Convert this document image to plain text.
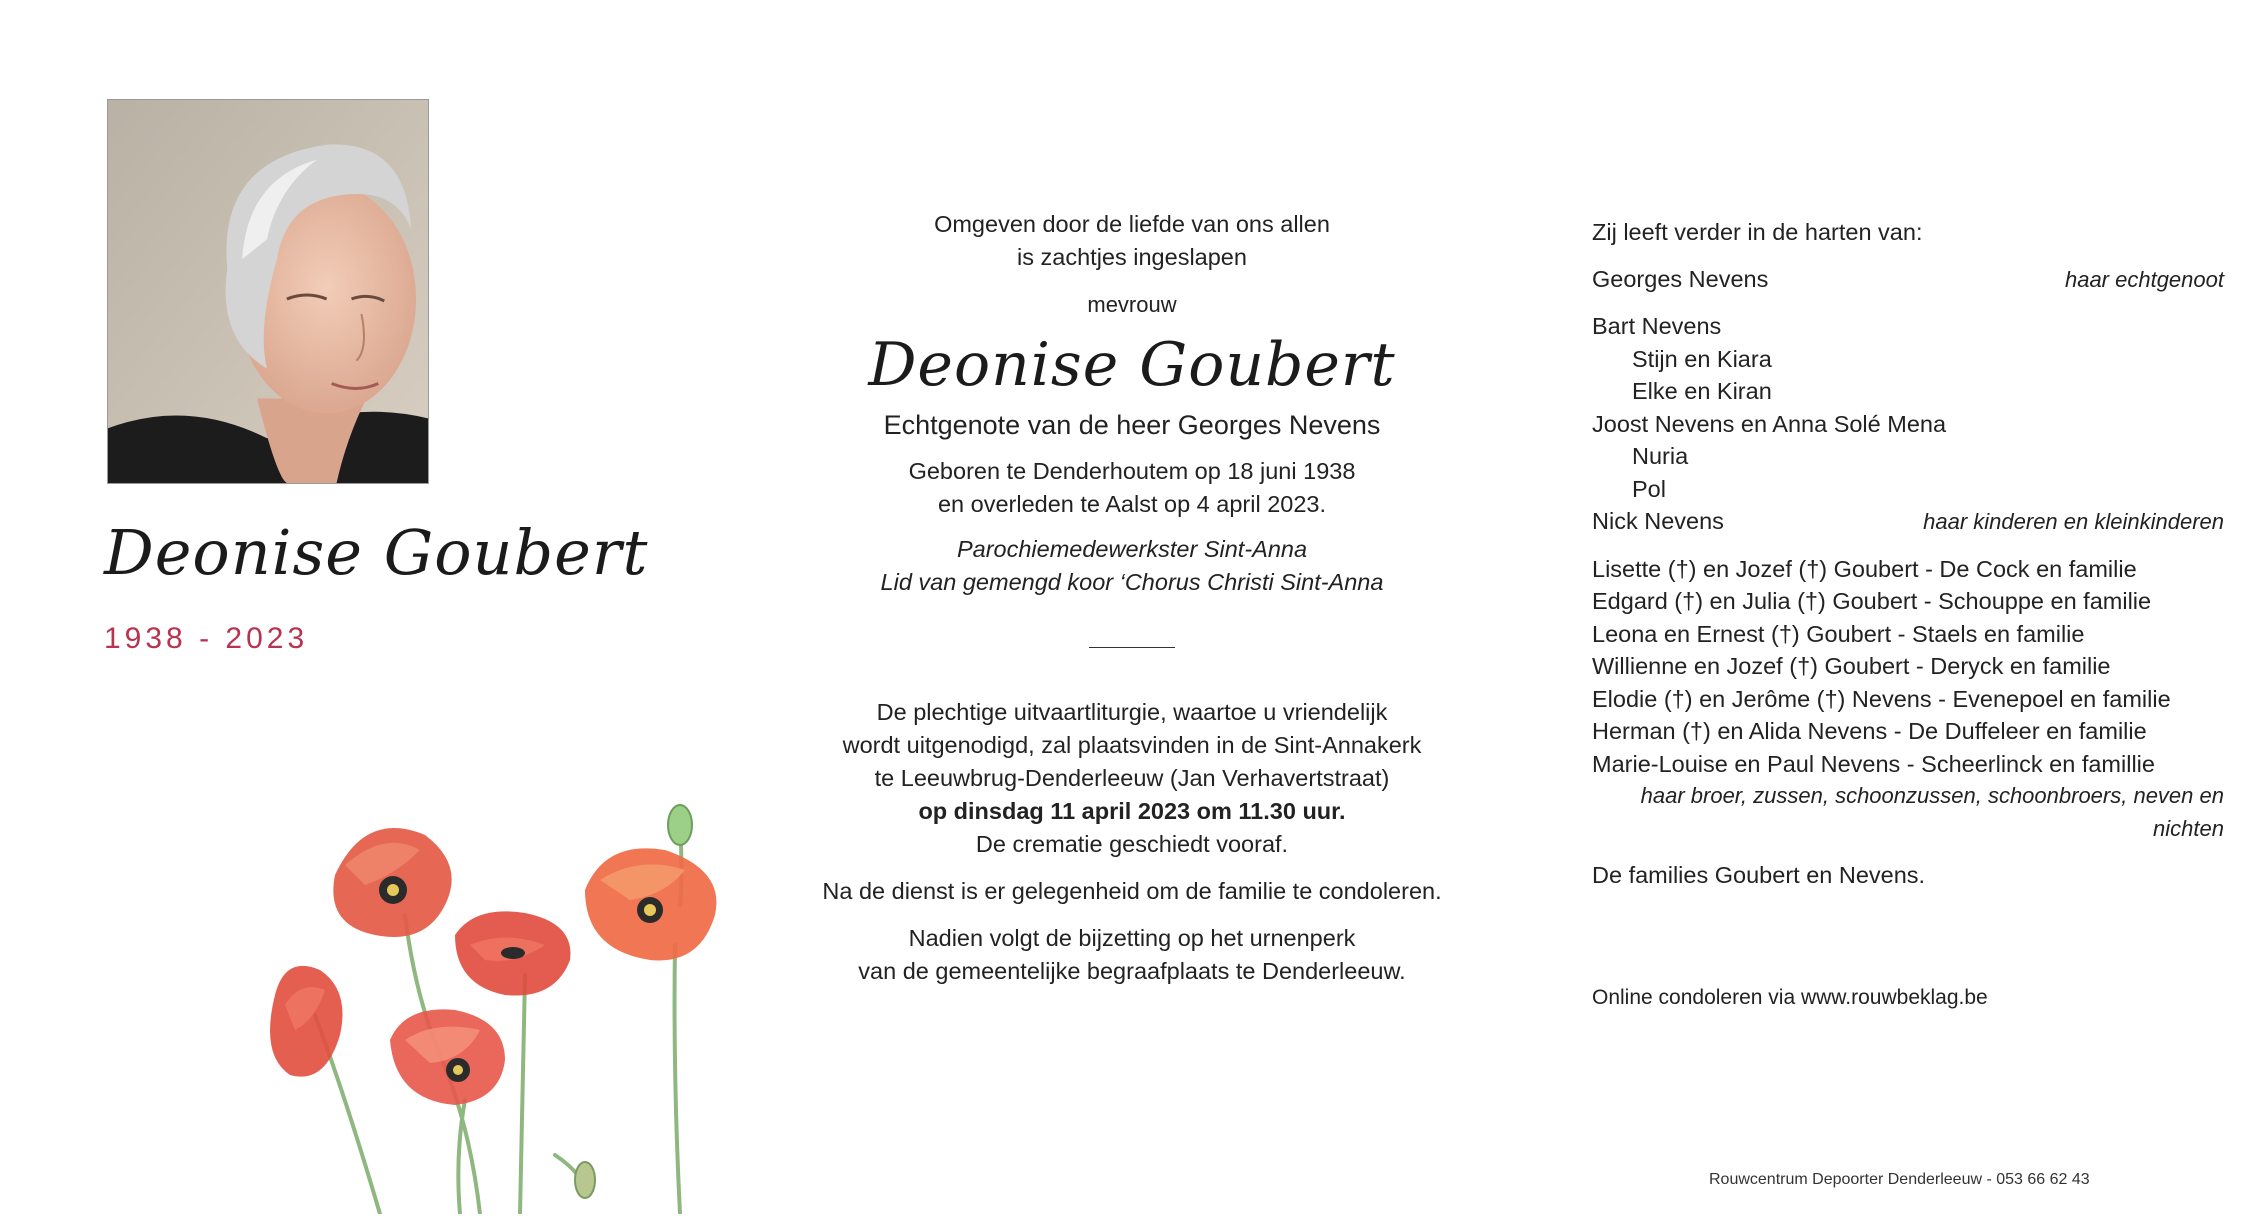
Deonise Goubert
1938 - 2023

Omgeven door de liefde van ons allen

is zachtjes ingeslapen

mevrouw

Deonise Goubert

Echtgenote van de heer Georges Nevens

Geboren te Denderhoutem op 18 juni 1938

en overleden te Aalst op 4 april 2023.

Parochiemedewerkster Sint-Anna

Lid van gemengd koor ‘Chorus Christi Sint-Anna

De plechtige uitvaartliturgie, waartoe u vriendelijk

wordt uitgenodigd, zal plaatsvinden in de Sint-Annakerk

te Leeuwbrug-Denderleeuw (Jan Verhavertstraat)

op dinsdag 11 april 2023 om 11.30 uur.

De crematie geschiedt vooraf.

Na de dienst is er gelegenheid om de familie te condoleren.

Nadien volgt de bijzetting op het urnenperk

van de gemeentelijke begraafplaats te Denderleeuw.

Zij leeft verder in de harten van:
Georges Nevens	haar echtgenoot
Bart Nevens
Stijn en Kiara
Elke en Kiran
Joost Nevens en Anna Solé Mena
Nuria
Pol
Nick Nevens	haar kinderen en kleinkinderen
Lisette (†) en Jozef (†) Goubert - De Cock en familie
Edgard (†) en Julia (†) Goubert - Schouppe en familie
Leona en Ernest (†) Goubert - Staels en familie
Willienne en Jozef (†) Goubert - Deryck en familie
Elodie (†) en Jerôme (†) Nevens - Evenepoel en familie
Herman (†) en Alida Nevens - De Duffeleer en familie
Marie-Louise en Paul Nevens - Scheerlinck en famillie
haar broer, zussen, schoonzussen, schoonbroers, neven en nichten
De families Goubert en Nevens.
Online condoleren via www.rouwbeklag.be
Rouwcentrum Depoorter Denderleeuw - 053 66 62 43
